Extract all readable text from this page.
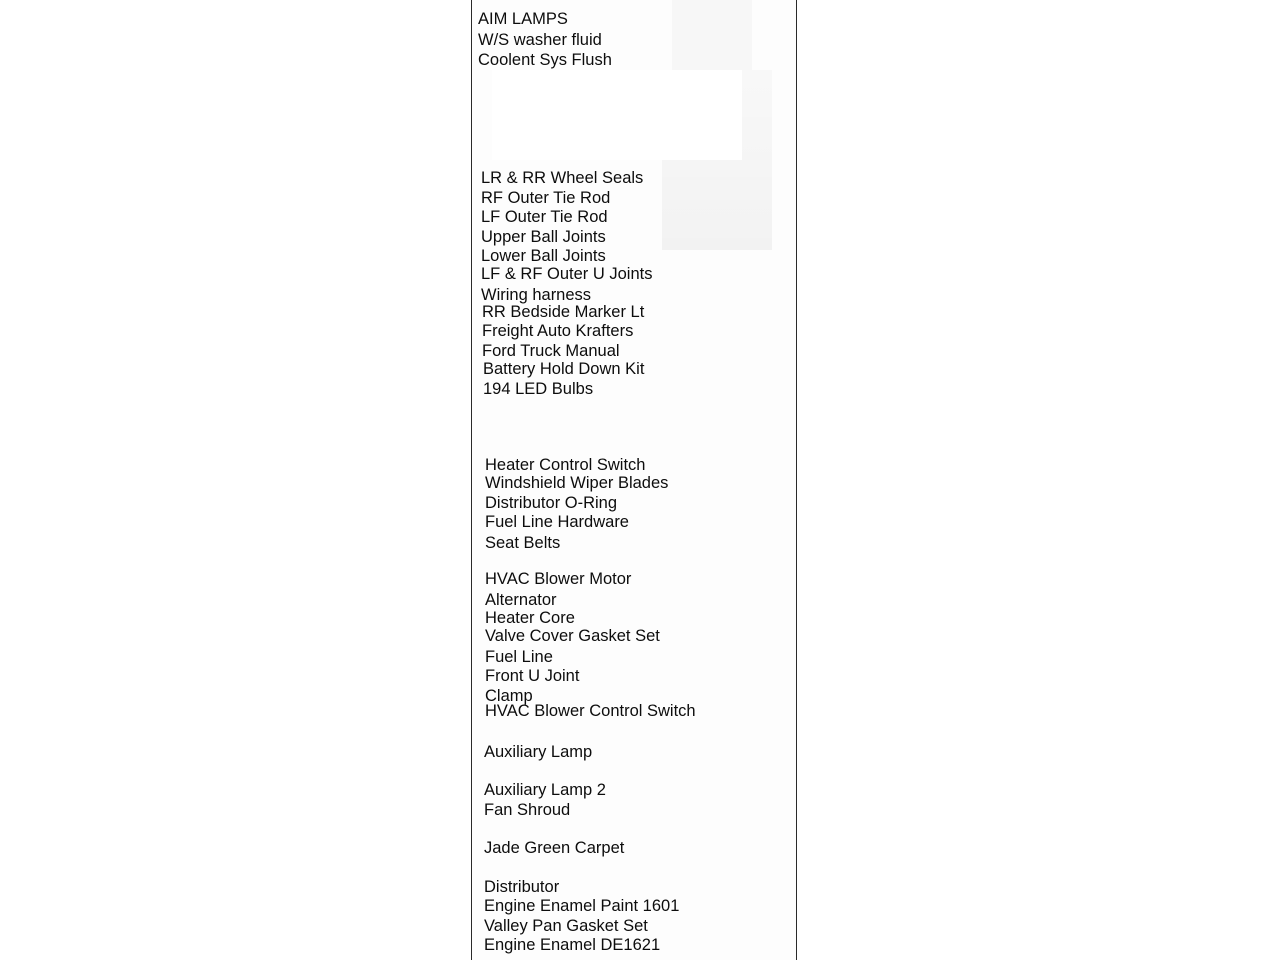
AIM LAMPS
W/S washer fluid
Coolent Sys Flush
LR & RR Wheel Seals
RF Outer Tie Rod
LF Outer Tie Rod
Upper Ball Joints
Lower Ball Joints
LF & RF Outer U Joints
Wiring harness
RR Bedside Marker Lt
Freight Auto Krafters
Ford Truck Manual
Battery Hold Down Kit
194 LED Bulbs
Heater Control Switch
Windshield Wiper Blades
Distributor O-Ring
Fuel Line Hardware
Seat Belts
HVAC Blower Motor
Alternator
Heater Core
Valve Cover Gasket Set
Fuel Line
Front U Joint
Clamp
HVAC Blower Control Switch
Auxiliary Lamp
Auxiliary Lamp 2
Fan Shroud
Jade Green Carpet
Distributor
Engine Enamel Paint 1601
Valley Pan Gasket Set
Engine Enamel DE1621
